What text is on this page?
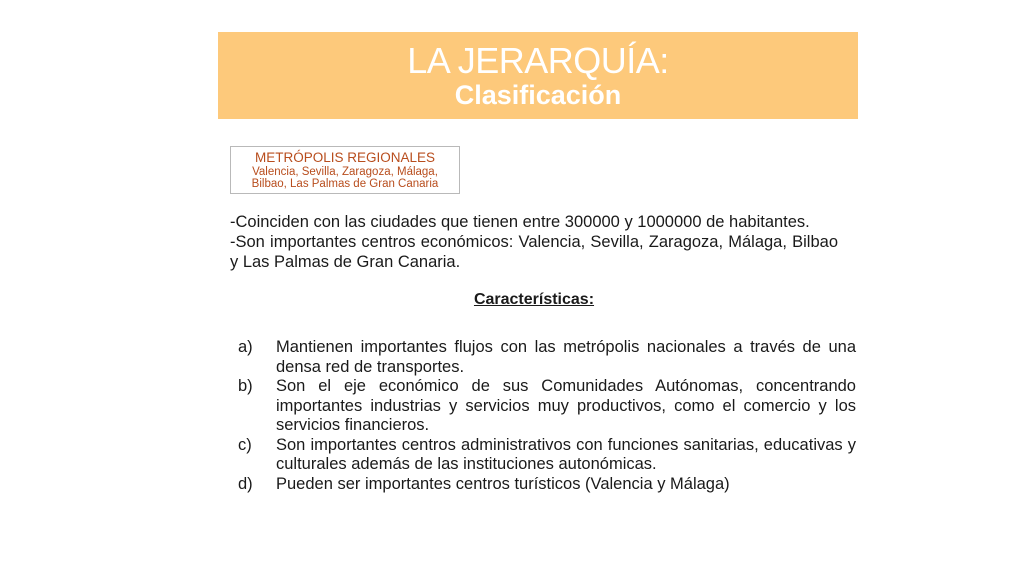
LA JERARQUÍA:
Clasificación
METRÓPOLIS REGIONALES
Valencia, Sevilla, Zaragoza, Málaga,
Bilbao, Las Palmas de Gran Canaria

-Coinciden con las ciudades que tienen entre 300000 y 1000000 de habitantes.

-Son importantes centros económicos: Valencia, Sevilla, Zaragoza, Málaga, Bilbao y Las Palmas de Gran Canaria.

Características:
a) Mantienen importantes flujos con las metrópolis nacionales a través de una densa red de transportes.
b) Son el eje económico de sus Comunidades Autónomas, concentrando importantes industrias y servicios muy productivos, como el comercio y los servicios financieros.
c) Son importantes centros administrativos con funciones sanitarias, educativas y culturales además de las instituciones autonómicas.
d) Pueden ser importantes centros turísticos (Valencia y Málaga)
